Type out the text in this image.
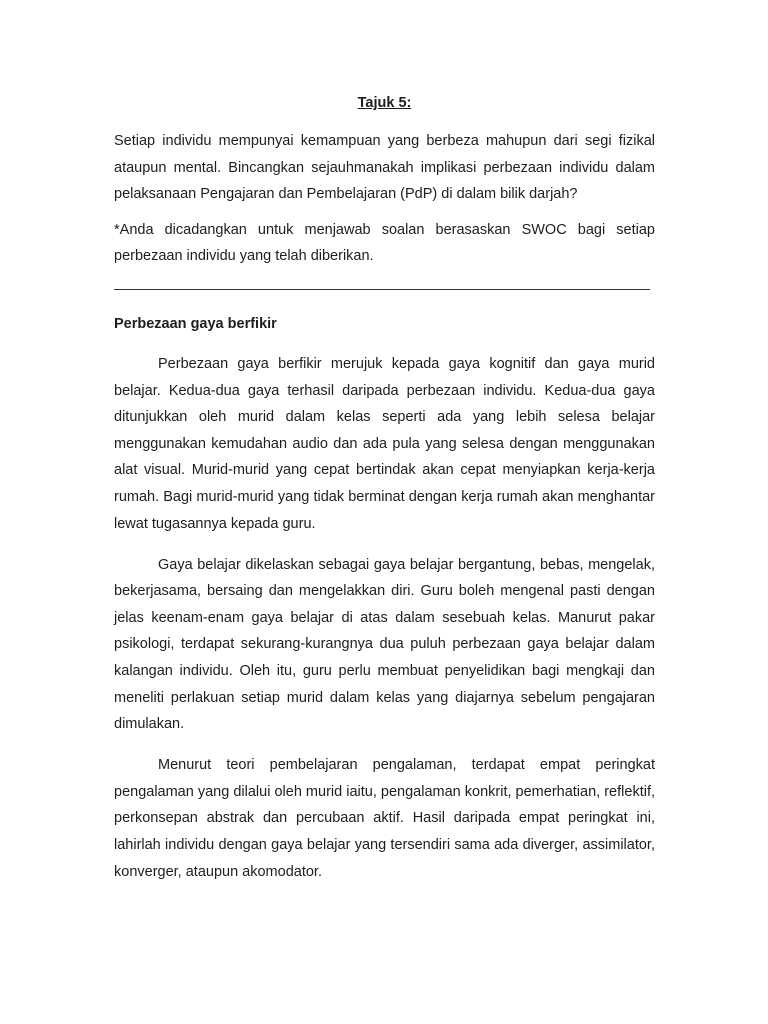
Tajuk 5:

Setiap individu mempunyai kemampuan yang berbeza mahupun dari segi fizikal ataupun mental. Bincangkan sejauhmanakah implikasi perbezaan individu dalam pelaksanaan Pengajaran dan Pembelajaran (PdP) di dalam bilik darjah?

*Anda dicadangkan untuk menjawab soalan berasaskan SWOC bagi setiap perbezaan individu yang telah diberikan.

Perbezaan gaya berfikir

Perbezaan gaya berfikir merujuk kepada gaya kognitif dan gaya murid belajar. Kedua-dua gaya terhasil daripada perbezaan individu. Kedua-dua gaya ditunjukkan oleh murid dalam kelas seperti ada yang lebih selesa belajar menggunakan kemudahan audio dan ada pula yang selesa dengan menggunakan alat visual. Murid-murid yang cepat bertindak akan cepat menyiapkan kerja-kerja rumah. Bagi murid-murid yang tidak berminat dengan kerja rumah akan menghantar lewat tugasannya kepada guru.

Gaya belajar dikelaskan sebagai gaya belajar bergantung, bebas, mengelak, bekerjasama, bersaing dan mengelakkan diri. Guru boleh mengenal pasti dengan jelas keenam-enam gaya belajar di atas dalam sesebuah kelas. Manurut pakar psikologi, terdapat sekurang-kurangnya dua puluh perbezaan gaya belajar dalam kalangan individu. Oleh itu, guru perlu membuat penyelidikan bagi mengkaji dan meneliti perlakuan setiap murid dalam kelas yang diajarnya sebelum pengajaran dimulakan.

Menurut teori pembelajaran pengalaman, terdapat empat peringkat pengalaman yang dilalui oleh murid iaitu, pengalaman konkrit, pemerhatian, reflektif, perkonsepan abstrak dan percubaan aktif. Hasil daripada empat peringkat ini, lahirlah individu dengan gaya belajar yang tersendiri sama ada diverger, assimilator, konverger, ataupun akomodator.
